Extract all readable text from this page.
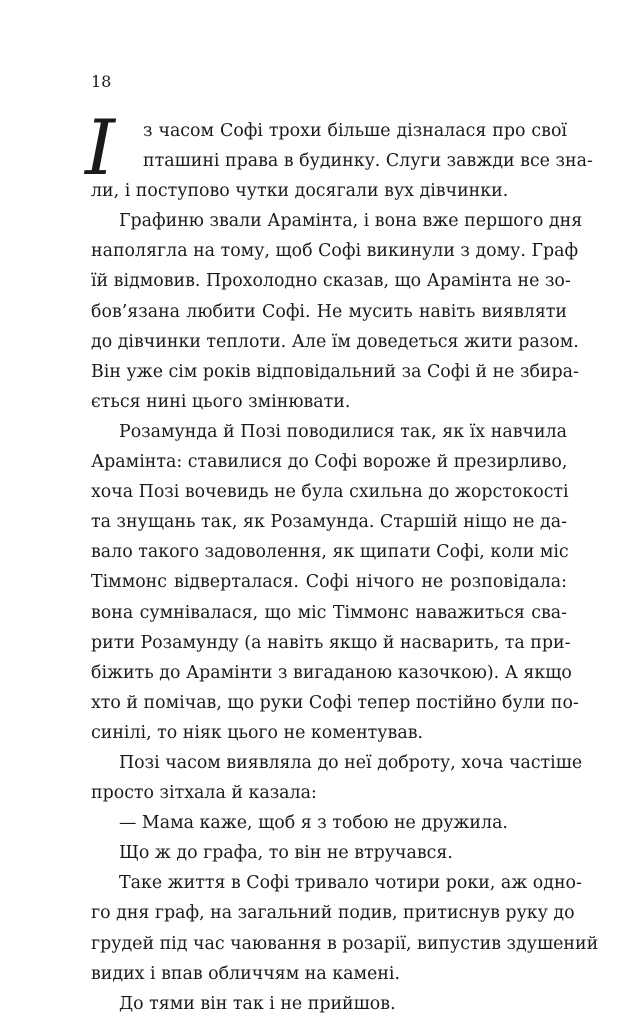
18
І	з часом Софі трохи більше дізналася про свої
пташині права в будинку. Слуги завжди все зна-
ли, і поступово чутки досягали вух дівчинки.
Графиню звали Арамінта, і вона вже першого дня
наполягла на тому, щоб Софі викинули з дому. Граф
їй відмовив. Прохолодно сказав, що Арамінта не зо-
бов’язана любити Софі. Не мусить навіть виявляти
до дівчинки теплоти. Але їм доведеться жити разом.
Він уже сім років відповідальний за Софі й не збира-
ється нині цього змінювати.
Розамунда й Позі поводилися так, як їх навчила
Арамінта: ставилися до Софі вороже й презирливо,
хоча Позі вочевидь не була схильна до жорстокості
та знущань так, як Розамунда. Старшій ніщо не да-
вало такого задоволення, як щипати Софі, коли міс
Тіммонс відверталася. Софі нічого не розповідала:
вона сумнівалася, що міс Тіммонс наважиться сва-
рити Розамунду (а навіть якщо й насварить, та при-
біжить до Арамінти з вигаданою казочкою). А якщо
хто й помічав, що руки Софі тепер постійно були по-
синілі, то ніяк цього не коментував.
Позі часом виявляла до неї доброту, хоча частіше
просто зітхала й казала:
— Мама каже, щоб я з тобою не дружила.
Що ж до графа, то він не втручався.
Таке життя в Софі тривало чотири роки, аж одно-
го дня граф, на загальний подив, притиснув руку до
грудей під час чаювання в розарії, випустив здушений
видих і впав обличчям на камені.
До тями він так і не прийшов.
